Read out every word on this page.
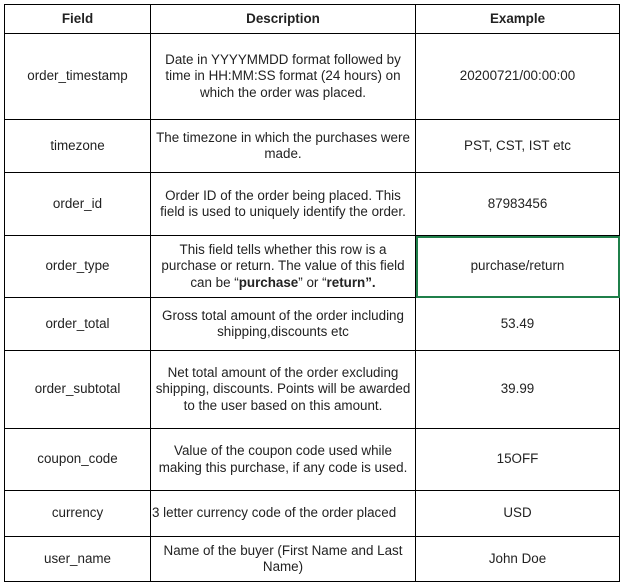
Field	Description	Example
order_timestamp	Date in YYYYMMDD format followed by time in HH:MM:SS format (24 hours) on which the order was placed.	20200721/00:00:00
timezone	The timezone in which the purchases were made.	PST, CST, IST etc
order_id	Order ID of the order being placed. This field is used to uniquely identify the order.	87983456
order_type	This field tells whether this row is a purchase or return. The value of this field can be “purchase” or “return”.	purchase/return
order_total	Gross total amount of the order including shipping,discounts etc	53.49
order_subtotal	Net total amount of the order excluding shipping, discounts. Points will be awarded to the user based on this amount.	39.99
coupon_code	Value of the coupon code used while making this purchase, if any code is used.	15OFF
currency	3 letter currency code of the order placed	USD
user_name	Name of the buyer (First Name and Last Name)	John Doe
